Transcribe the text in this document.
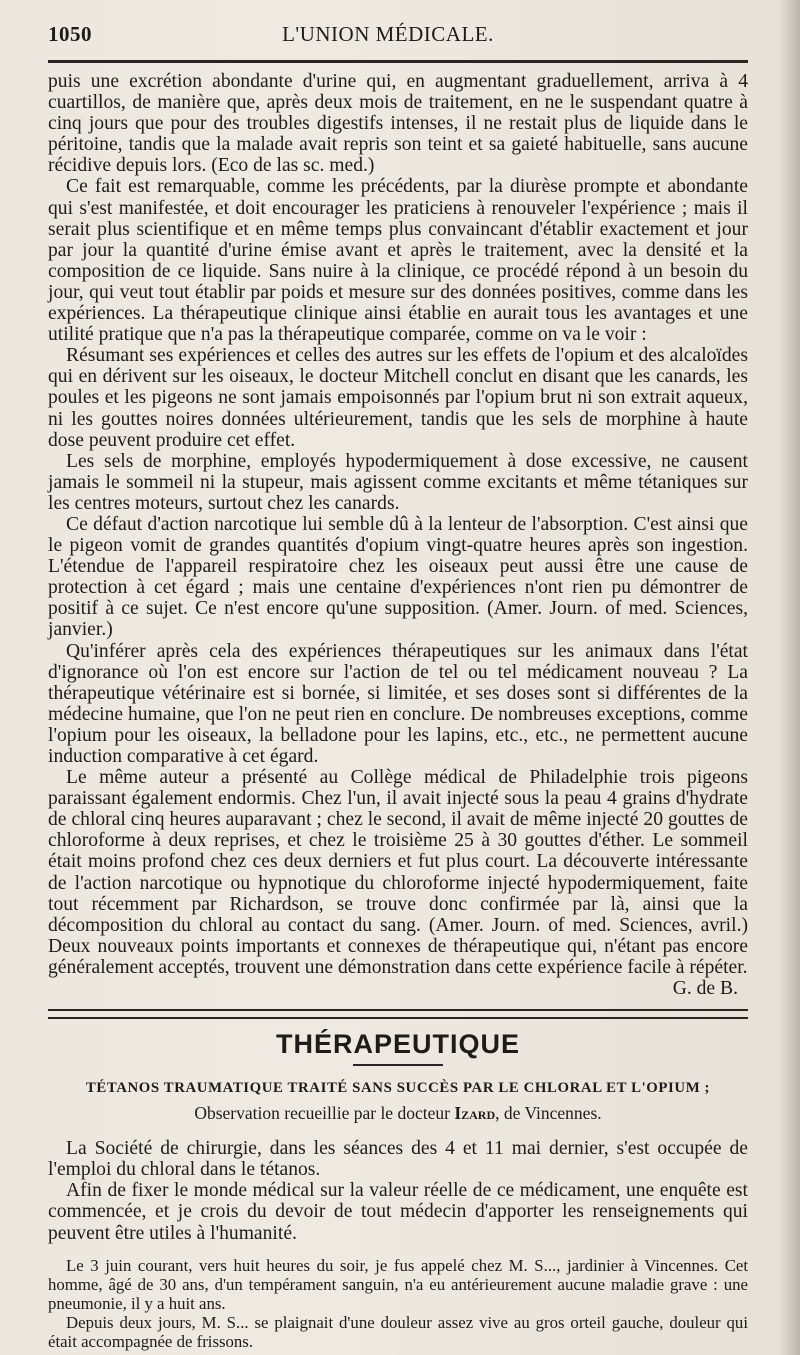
1050	L'UNION MÉDICALE.

puis une excrétion abondante d'urine qui, en augmentant graduellement, arriva à 4 cuartillos, de manière que, après deux mois de traitement, en ne le suspendant quatre à cinq jours que pour des troubles digestifs intenses, il ne restait plus de liquide dans le péritoine, tandis que la malade avait repris son teint et sa gaieté habituelle, sans aucune récidive depuis lors. (Eco de las sc. med.)

Ce fait est remarquable, comme les précédents, par la diurèse prompte et abondante qui s'est manifestée, et doit encourager les praticiens à renouveler l'expérience ; mais il serait plus scientifique et en même temps plus convaincant d'établir exactement et jour par jour la quantité d'urine émise avant et après le traitement, avec la densité et la composition de ce liquide. Sans nuire à la clinique, ce procédé répond à un besoin du jour, qui veut tout établir par poids et mesure sur des données positives, comme dans les expériences. La thérapeutique clinique ainsi établie en aurait tous les avantages et une utilité pratique que n'a pas la thérapeutique comparée, comme on va le voir :

Résumant ses expériences et celles des autres sur les effets de l'opium et des alcaloïdes qui en dérivent sur les oiseaux, le docteur Mitchell conclut en disant que les canards, les poules et les pigeons ne sont jamais empoisonnés par l'opium brut ni son extrait aqueux, ni les gouttes noires données ultérieurement, tandis que les sels de morphine à haute dose peuvent produire cet effet.

Les sels de morphine, employés hypodermiquement à dose excessive, ne causent jamais le sommeil ni la stupeur, mais agissent comme excitants et même tétaniques sur les centres moteurs, surtout chez les canards.

Ce défaut d'action narcotique lui semble dû à la lenteur de l'absorption. C'est ainsi que le pigeon vomit de grandes quantités d'opium vingt-quatre heures après son ingestion. L'étendue de l'appareil respiratoire chez les oiseaux peut aussi être une cause de protection à cet égard ; mais une centaine d'expériences n'ont rien pu démontrer de positif à ce sujet. Ce n'est encore qu'une supposition. (Amer. Journ. of med. Sciences, janvier.)

Qu'inférer après cela des expériences thérapeutiques sur les animaux dans l'état d'ignorance où l'on est encore sur l'action de tel ou tel médicament nouveau ? La thérapeutique vétérinaire est si bornée, si limitée, et ses doses sont si différentes de la médecine humaine, que l'on ne peut rien en conclure. De nombreuses exceptions, comme l'opium pour les oiseaux, la belladone pour les lapins, etc., etc., ne permettent aucune induction comparative à cet égard.

Le même auteur a présenté au Collège médical de Philadelphie trois pigeons paraissant également endormis. Chez l'un, il avait injecté sous la peau 4 grains d'hydrate de chloral cinq heures auparavant ; chez le second, il avait de même injecté 20 gouttes de chloroforme à deux reprises, et chez le troisième 25 à 30 gouttes d'éther. Le sommeil était moins profond chez ces deux derniers et fut plus court. La découverte intéressante de l'action narcotique ou hypnotique du chloroforme injecté hypodermiquement, faite tout récemment par Richardson, se trouve donc confirmée par là, ainsi que la décomposition du chloral au contact du sang. (Amer. Journ. of med. Sciences, avril.) Deux nouveaux points importants et connexes de thérapeutique qui, n'étant pas encore généralement acceptés, trouvent une démonstration dans cette expérience facile à répéter.
G. de B.

THÉRAPEUTIQUE
TÉTANOS TRAUMATIQUE TRAITÉ SANS SUCCÈS PAR LE CHLORAL ET L'OPIUM ;
Observation recueillie par le docteur Izard, de Vincennes.

La Société de chirurgie, dans les séances des 4 et 11 mai dernier, s'est occupée de l'emploi du chloral dans le tétanos.

Afin de fixer le monde médical sur la valeur réelle de ce médicament, une enquête est commencée, et je crois du devoir de tout médecin d'apporter les renseignements qui peuvent être utiles à l'humanité.

Le 3 juin courant, vers huit heures du soir, je fus appelé chez M. S..., jardinier à Vincennes. Cet homme, âgé de 30 ans, d'un tempérament sanguin, n'a eu antérieurement aucune maladie grave : une pneumonie, il y a huit ans.

Depuis deux jours, M. S... se plaignait d'une douleur assez vive au gros orteil gauche, douleur qui était accompagnée de frissons.
